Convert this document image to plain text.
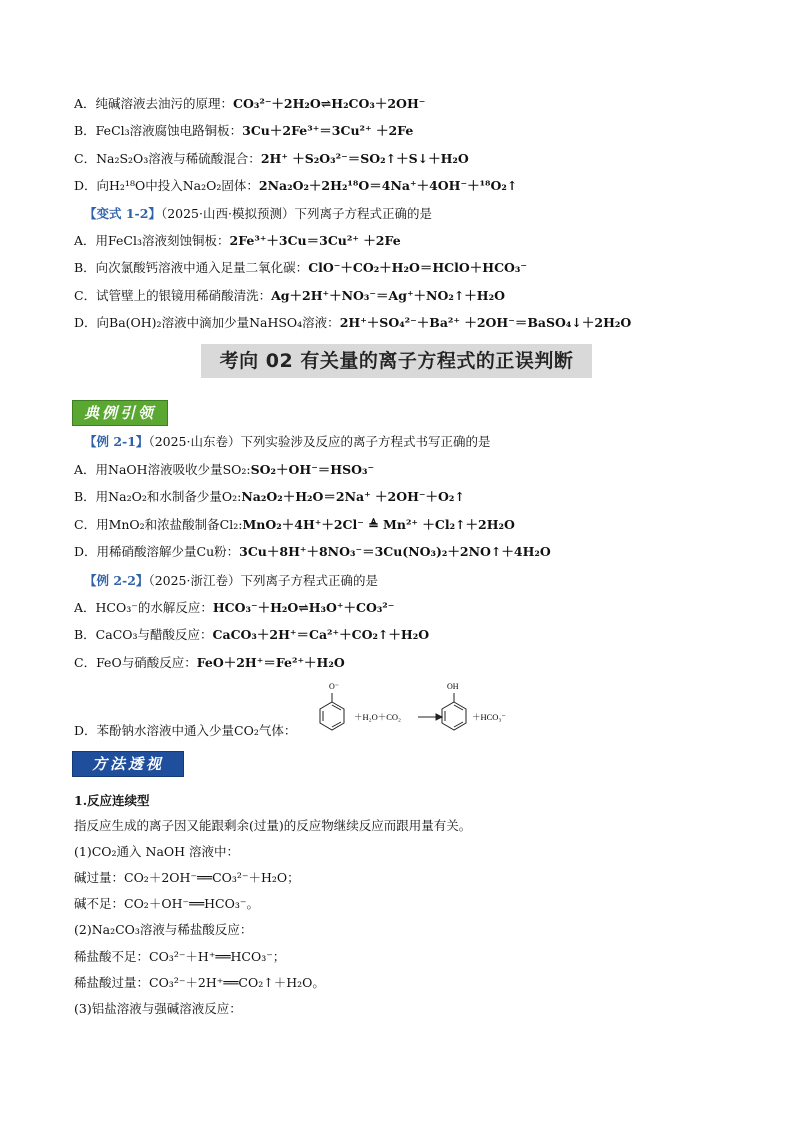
A．纯碱溶液去油污的原理：CO₃²⁻＋2H₂O⇌H₂CO₃＋2OH⁻
B．FeCl₃溶液腐蚀电路铜板：3Cu＋2Fe³⁺＝3Cu²⁺ ＋2Fe
C．Na₂S₂O₃溶液与稀硫酸混合：2H⁺ ＋S₂O₃²⁻＝SO₂↑＋S↓＋H₂O
D．向H₂¹⁸O中投入Na₂O₂固体：2Na₂O₂＋2H₂¹⁸O＝4Na⁺＋4OH⁻＋¹⁸O₂↑
【变式 1-2】（2025·山西·模拟预测）下列离子方程式正确的是
A．用FeCl₃溶液刻蚀铜板：2Fe³⁺＋3Cu＝3Cu²⁺ ＋2Fe
B．向次氯酸钙溶液中通入足量二氧化碳：ClO⁻＋CO₂＋H₂O＝HClO＋HCO₃⁻
C．试管壁上的银镜用稀硝酸清洗：Ag＋2H⁺＋NO₃⁻＝Ag⁺＋NO₂↑＋H₂O
D．向Ba(OH)₂溶液中滴加少量NaHSO₄溶液：2H⁺＋SO₄²⁻＋Ba²⁺ ＋2OH⁻＝BaSO₄↓＋2H₂O
考向 02 有关量的离子方程式的正误判断
典例引领
【例 2-1】（2025·山东卷）下列实验涉及反应的离子方程式书写正确的是
A．用NaOH溶液吸收少量SO₂:SO₂＋OH⁻＝HSO₃⁻
B．用Na₂O₂和水制备少量O₂:Na₂O₂＋H₂O＝2Na⁺ ＋2OH⁻＋O₂↑
C．用MnO₂和浓盐酸制备Cl₂:MnO₂＋4H⁺＋2Cl⁻ ≜ Mn²⁺ ＋Cl₂↑＋2H₂O
D．用稀硝酸溶解少量Cu粉：3Cu＋8H⁺＋8NO₃⁻＝3Cu(NO₃)₂＋2NO↑＋4H₂O
【例 2-2】（2025·浙江卷）下列离子方程式正确的是
A．HCO₃⁻的水解反应：HCO₃⁻＋H₂O⇌H₃O⁺＋CO₃²⁻
B．CaCO₃与醋酸反应：CaCO₃＋2H⁺＝Ca²⁺＋CO₂↑＋H₂O
C．FeO与硝酸反应：FeO＋2H⁺＝Fe²⁺＋H₂O
D．苯酚钠水溶液中通入少量CO₂气体：
O⁻
＋H₂O＋CO₂
OH
＋HCO₃⁻
方法透视
1.反应连续型
指反应生成的离子因又能跟剩余(过量)的反应物继续反应而跟用量有关。
(1)CO₂通入 NaOH 溶液中：
碱过量：CO₂＋2OH⁻══CO₃²⁻＋H₂O；
碱不足：CO₂＋OH⁻══HCO₃⁻。
(2)Na₂CO₃溶液与稀盐酸反应：
稀盐酸不足：CO₃²⁻＋H⁺══HCO₃⁻；
稀盐酸过量：CO₃²⁻＋2H⁺══CO₂↑＋H₂O。
(3)铝盐溶液与强碱溶液反应：
